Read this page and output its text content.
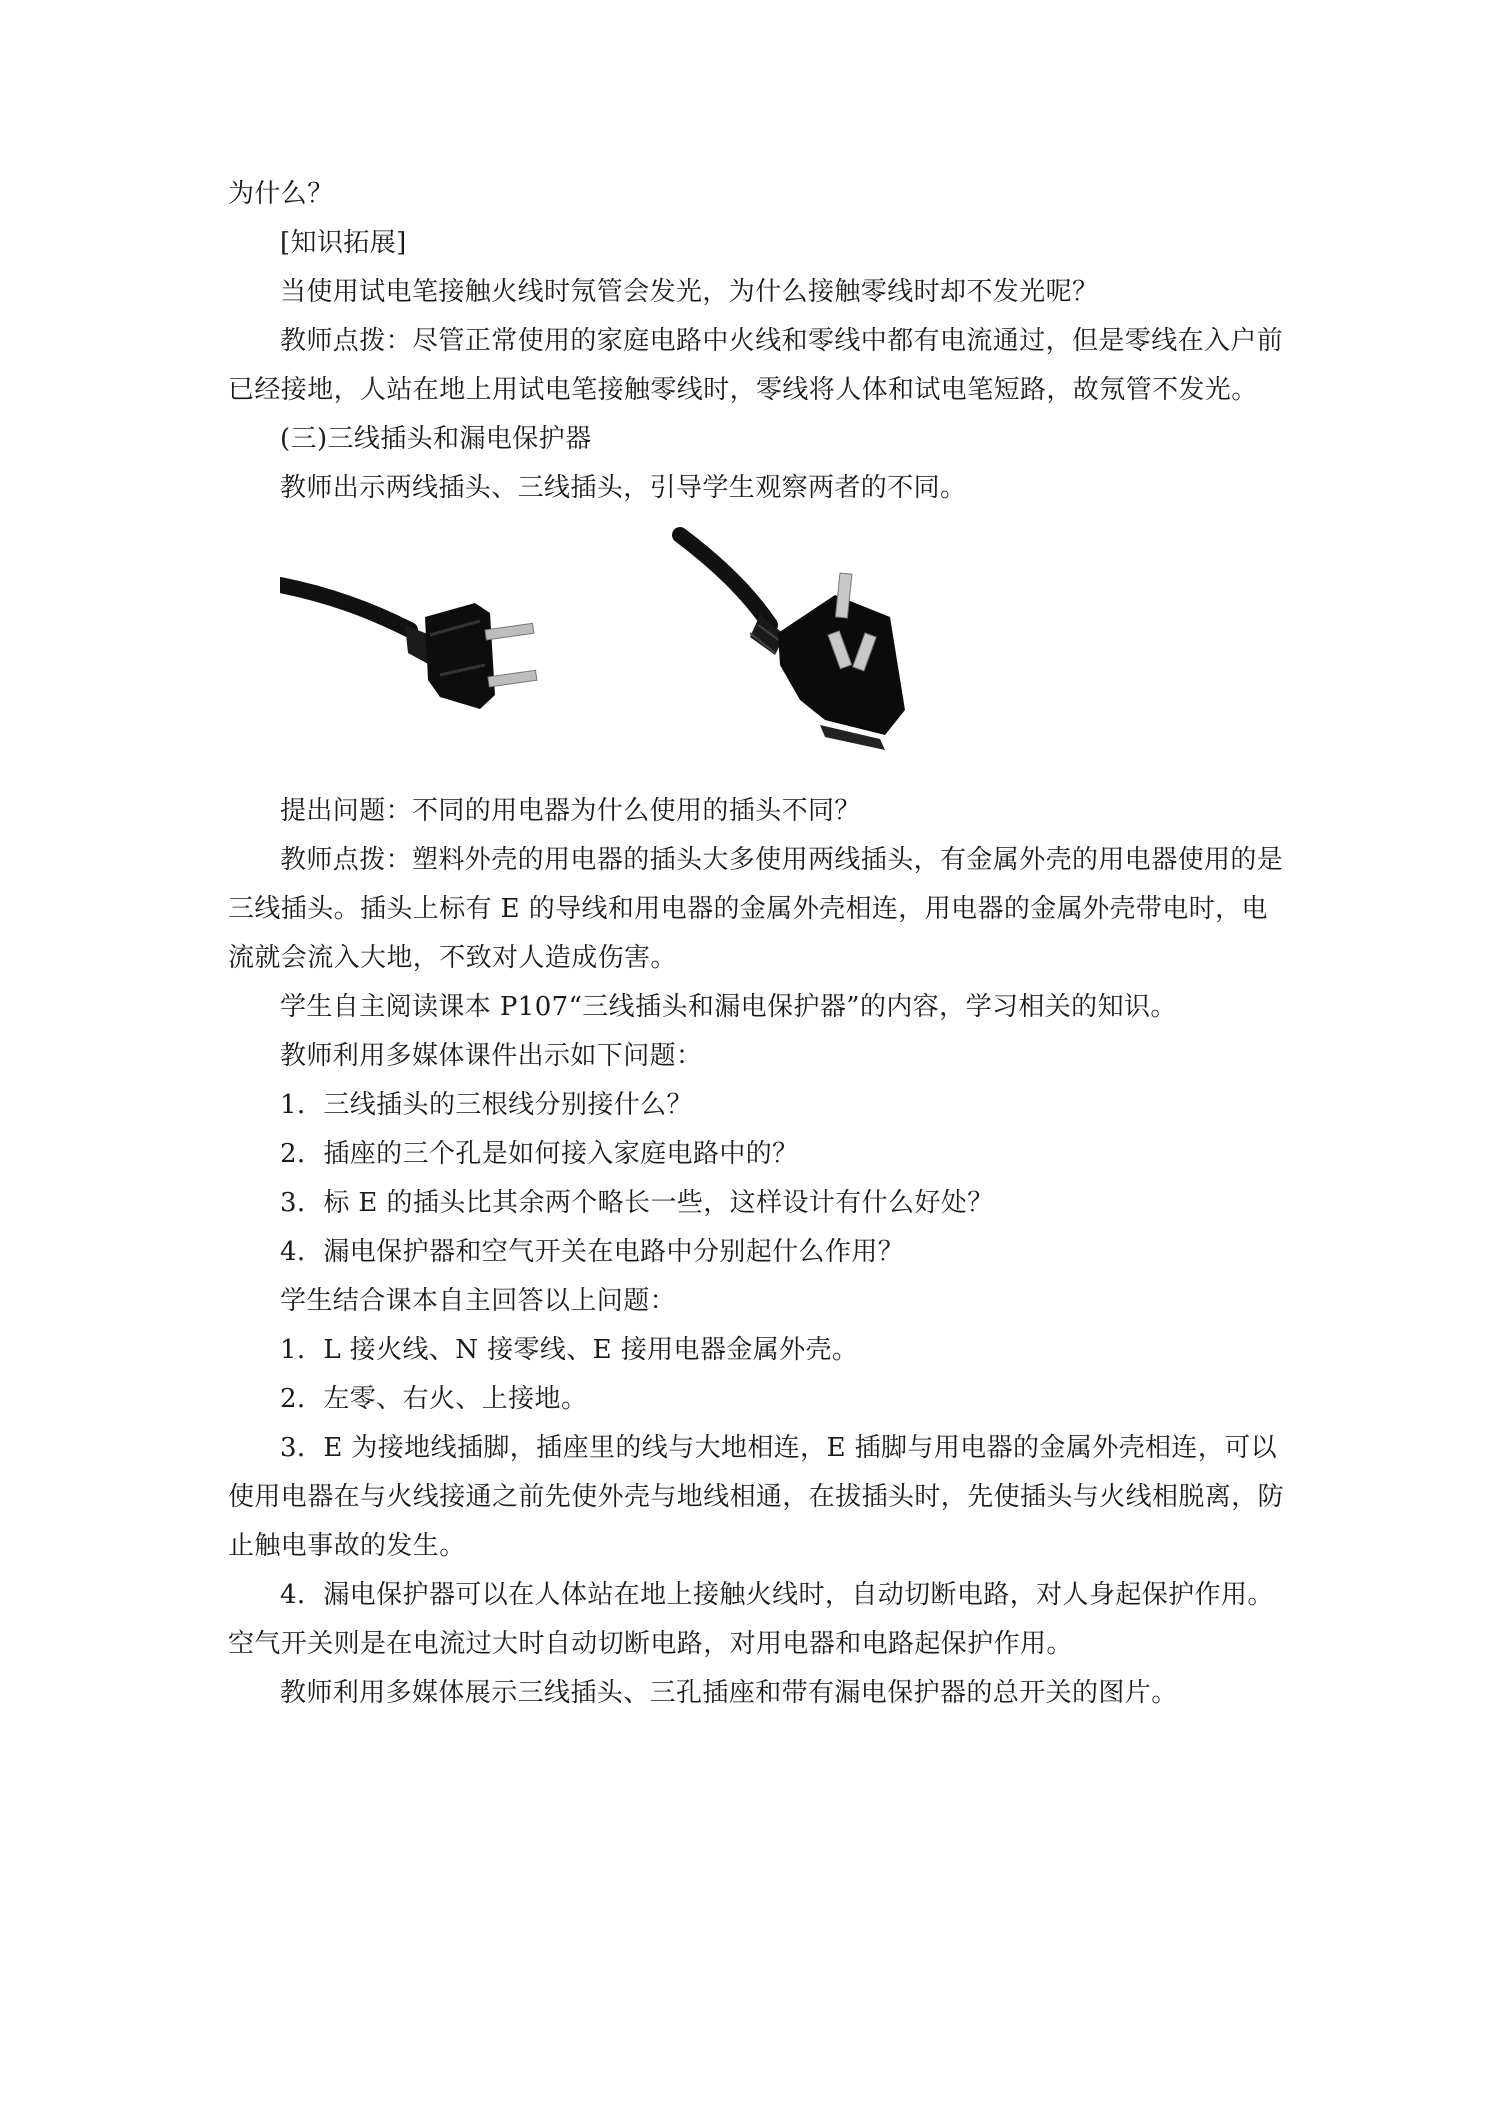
为什么？
[知识拓展]
当使用试电笔接触火线时氖管会发光，为什么接触零线时却不发光呢？
教师点拨：尽管正常使用的家庭电路中火线和零线中都有电流通过，但是零线在入户前
已经接地，人站在地上用试电笔接触零线时，零线将人体和试电笔短路，故氖管不发光。
(三)三线插头和漏电保护器
教师出示两线插头、三线插头，引导学生观察两者的不同。
提出问题：不同的用电器为什么使用的插头不同？
教师点拨：塑料外壳的用电器的插头大多使用两线插头，有金属外壳的用电器使用的是
三线插头。插头上标有 E 的导线和用电器的金属外壳相连，用电器的金属外壳带电时，电
流就会流入大地，不致对人造成伤害。
学生自主阅读课本 P107“三线插头和漏电保护器”的内容，学习相关的知识。
教师利用多媒体课件出示如下问题：
1．三线插头的三根线分别接什么？
2．插座的三个孔是如何接入家庭电路中的？
3．标 E 的插头比其余两个略长一些，这样设计有什么好处？
4．漏电保护器和空气开关在电路中分别起什么作用？
学生结合课本自主回答以上问题：
1．L 接火线、N 接零线、E 接用电器金属外壳。
2．左零、右火、上接地。
3．E 为接地线插脚，插座里的线与大地相连，E 插脚与用电器的金属外壳相连，可以
使用电器在与火线接通之前先使外壳与地线相通，在拔插头时，先使插头与火线相脱离，防
止触电事故的发生。
4．漏电保护器可以在人体站在地上接触火线时，自动切断电路，对人身起保护作用。
空气开关则是在电流过大时自动切断电路，对用电器和电路起保护作用。
教师利用多媒体展示三线插头、三孔插座和带有漏电保护器的总开关的图片。
